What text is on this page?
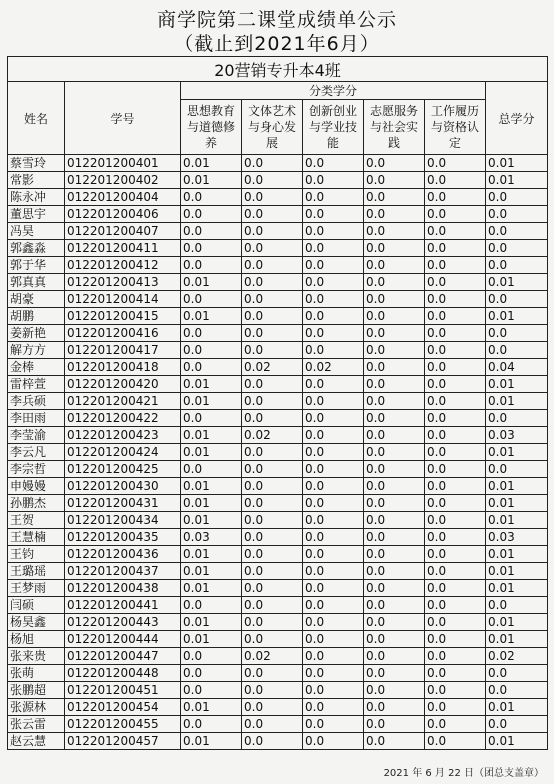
商学院第二课堂成绩单公示
（截止到2021年6月）
20营销专升本4班							
姓名	学号	分类学分					总学分
		思想教育与道德修养	文体艺术与身心发展	创新创业与学业技能	志愿服务与社会实践	工作履历与资格认定	
蔡雪玲	012201200401	0.01	0.0	0.0	0.0	0.0	0.01
常影	012201200402	0.01	0.0	0.0	0.0	0.0	0.01
陈永冲	012201200404	0.0	0.0	0.0	0.0	0.0	0.0
董思宇	012201200406	0.0	0.0	0.0	0.0	0.0	0.0
冯昊	012201200407	0.0	0.0	0.0	0.0	0.0	0.0
郭鑫淼	012201200411	0.0	0.0	0.0	0.0	0.0	0.0
郭于华	012201200412	0.0	0.0	0.0	0.0	0.0	0.0
郭真真	012201200413	0.01	0.0	0.0	0.0	0.0	0.01
胡豪	012201200414	0.0	0.0	0.0	0.0	0.0	0.0
胡鹏	012201200415	0.01	0.0	0.0	0.0	0.0	0.01
姜新艳	012201200416	0.0	0.0	0.0	0.0	0.0	0.0
解方方	012201200417	0.0	0.0	0.0	0.0	0.0	0.0
金棒	012201200418	0.0	0.02	0.02	0.0	0.0	0.04
雷梓萱	012201200420	0.01	0.0	0.0	0.0	0.0	0.01
李兵硕	012201200421	0.01	0.0	0.0	0.0	0.0	0.01
李田雨	012201200422	0.0	0.0	0.0	0.0	0.0	0.0
李莹渝	012201200423	0.01	0.02	0.0	0.0	0.0	0.03
李云凡	012201200424	0.01	0.0	0.0	0.0	0.0	0.01
李宗哲	012201200425	0.0	0.0	0.0	0.0	0.0	0.0
申嫚嫚	012201200430	0.01	0.0	0.0	0.0	0.0	0.01
孙鹏杰	012201200431	0.01	0.0	0.0	0.0	0.0	0.01
王贺	012201200434	0.01	0.0	0.0	0.0	0.0	0.01
王慧楠	012201200435	0.03	0.0	0.0	0.0	0.0	0.03
王钧	012201200436	0.01	0.0	0.0	0.0	0.0	0.01
王璐瑶	012201200437	0.01	0.0	0.0	0.0	0.0	0.01
王梦雨	012201200438	0.01	0.0	0.0	0.0	0.0	0.01
闫硕	012201200441	0.0	0.0	0.0	0.0	0.0	0.0
杨昊鑫	012201200443	0.01	0.0	0.0	0.0	0.0	0.01
杨旭	012201200444	0.01	0.0	0.0	0.0	0.0	0.01
张来贵	012201200447	0.0	0.02	0.0	0.0	0.0	0.02
张萌	012201200448	0.0	0.0	0.0	0.0	0.0	0.0
张鹏超	012201200451	0.0	0.0	0.0	0.0	0.0	0.0
张源林	012201200454	0.01	0.0	0.0	0.0	0.0	0.01
张云雷	012201200455	0.0	0.0	0.0	0.0	0.0	0.0
赵云慧	012201200457	0.01	0.0	0.0	0.0	0.0	0.01
2021 年 6 月 22 日（团总支盖章）
